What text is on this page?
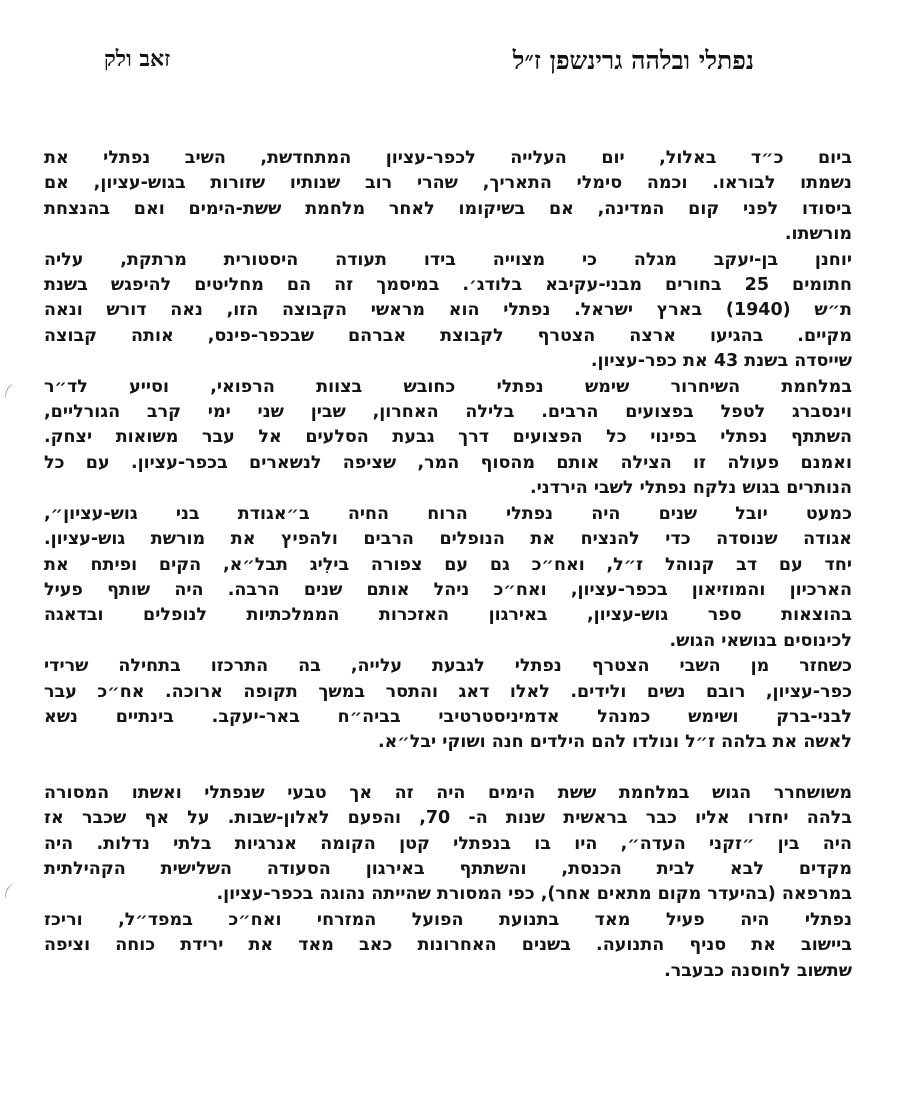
נפתלי ובלהה גרינשפן ז״ל
זאב ולק
ביום כ״ד באלול, יום העלייה לכפר-עציון המתחדשת, השיב נפתלי את
נשמתו לבוראו. וכמה סימלי התאריך, שהרי רוב שנותיו שזורות בגוש-עציון, אם
ביסודו לפני קום המדינה, אם בשיקומו לאחר מלחמת ששת-הימים ואם בהנצחת
מורשתו.
יוחנן בן-יעקב מגלה כי מצוייה בידו תעודה היסטורית מרתקת, עליה
חתומים 25 בחורים מבני-עקיבא בלודג׳. במיסמך זה הם מחליטים להיפגש בשנת
ת״ש (1940) בארץ ישראל. נפתלי הוא מראשי הקבוצה הזו, נאה דורש ונאה
מקיים. בהגיעו ארצה הצטרף לקבוצת אברהם שבכפר-פינס, אותה קבוצה
שייסדה בשנת 43 את כפר-עציון.
במלחמת השיחרור שימש נפתלי כחובש בצוות הרפואי, וסייע לד״ר
וינסברג לטפל בפצועים הרבים. בלילה האחרון, שבין שני ימי קרב הגורליים,
השתתף נפתלי בפינוי כל הפצועים דרך גבעת הסלעים אל עבר משואות יצחק.
ואמנם פעולה זו הצילה אותם מהסוף המר, שציפה לנשארים בכפר-עציון. עם כל
הנותרים בגוש נלקח נפתלי לשבי הירדני.
כמעט יובל שנים היה נפתלי הרוח החיה ב״אגודת בני גוש-עציון״,
אגודה שנוסדה כדי להנציח את הנופלים הרבים ולהפיץ את מורשת גוש-עציון.
יחד עם דב קנוהל ז״ל, ואח״כ גם עם צפורה בילִיג תבל״א, הקים ופיתח את
הארכיון והמוזיאון בכפר-עציון, ואח״כ ניהל אותם שנים הרבה. היה שותף פעיל
בהוצאות ספר גוש-עציון, באירגון האזכרות הממלכתיות לנופלים ובדאגה
לכינוסים בנושאי הגוש.
כשחזר מן השבי הצטרף נפתלי לגבעת עלייה, בה התרכזו בתחילה שרידי
כפר-עציון, רובם נשים ולידים. לאלו דאג והתסר במשך תקופה ארוכה. אח״כ עבר
לבני-ברק ושימש כמנהל אדמיניסטרטיבי בביה״ח באר-יעקב. בינתיים נשא
לאשה את בלהה ז״ל ונולדו להם הילדים חנה ושוקי יבל״א.
משושחרר הגוש במלחמת ששת הימים היה זה אך טבעי שנפתלי ואשתו המסורה
בלהה יחזרו אליו כבר בראשית שנות ה- 70, והפעם לאלון-שבות. על אף שכבר אז
היה בין ״זקני העדה״, היו בו בנפתלי קטן הקומה אנרגיות בלתי נדלות. היה
מקדים לבא לבית הכנסת, והשתתף באירגון הסעודה השלישית הקהילתית
במרפאה (בהיעדר מקום מתאים אחר), כפי המסורת שהייתה נהוגה בכפר-עציון.
נפתלי היה פעיל מאד בתנועת הפועל המזרחי ואח״כ במפד״ל, וריכז
ביישוב את סניף התנועה. בשנים האחרונות כאב מאד את ירידת כוחה וציפה
שתשוב לחוסנה כבעבר.
